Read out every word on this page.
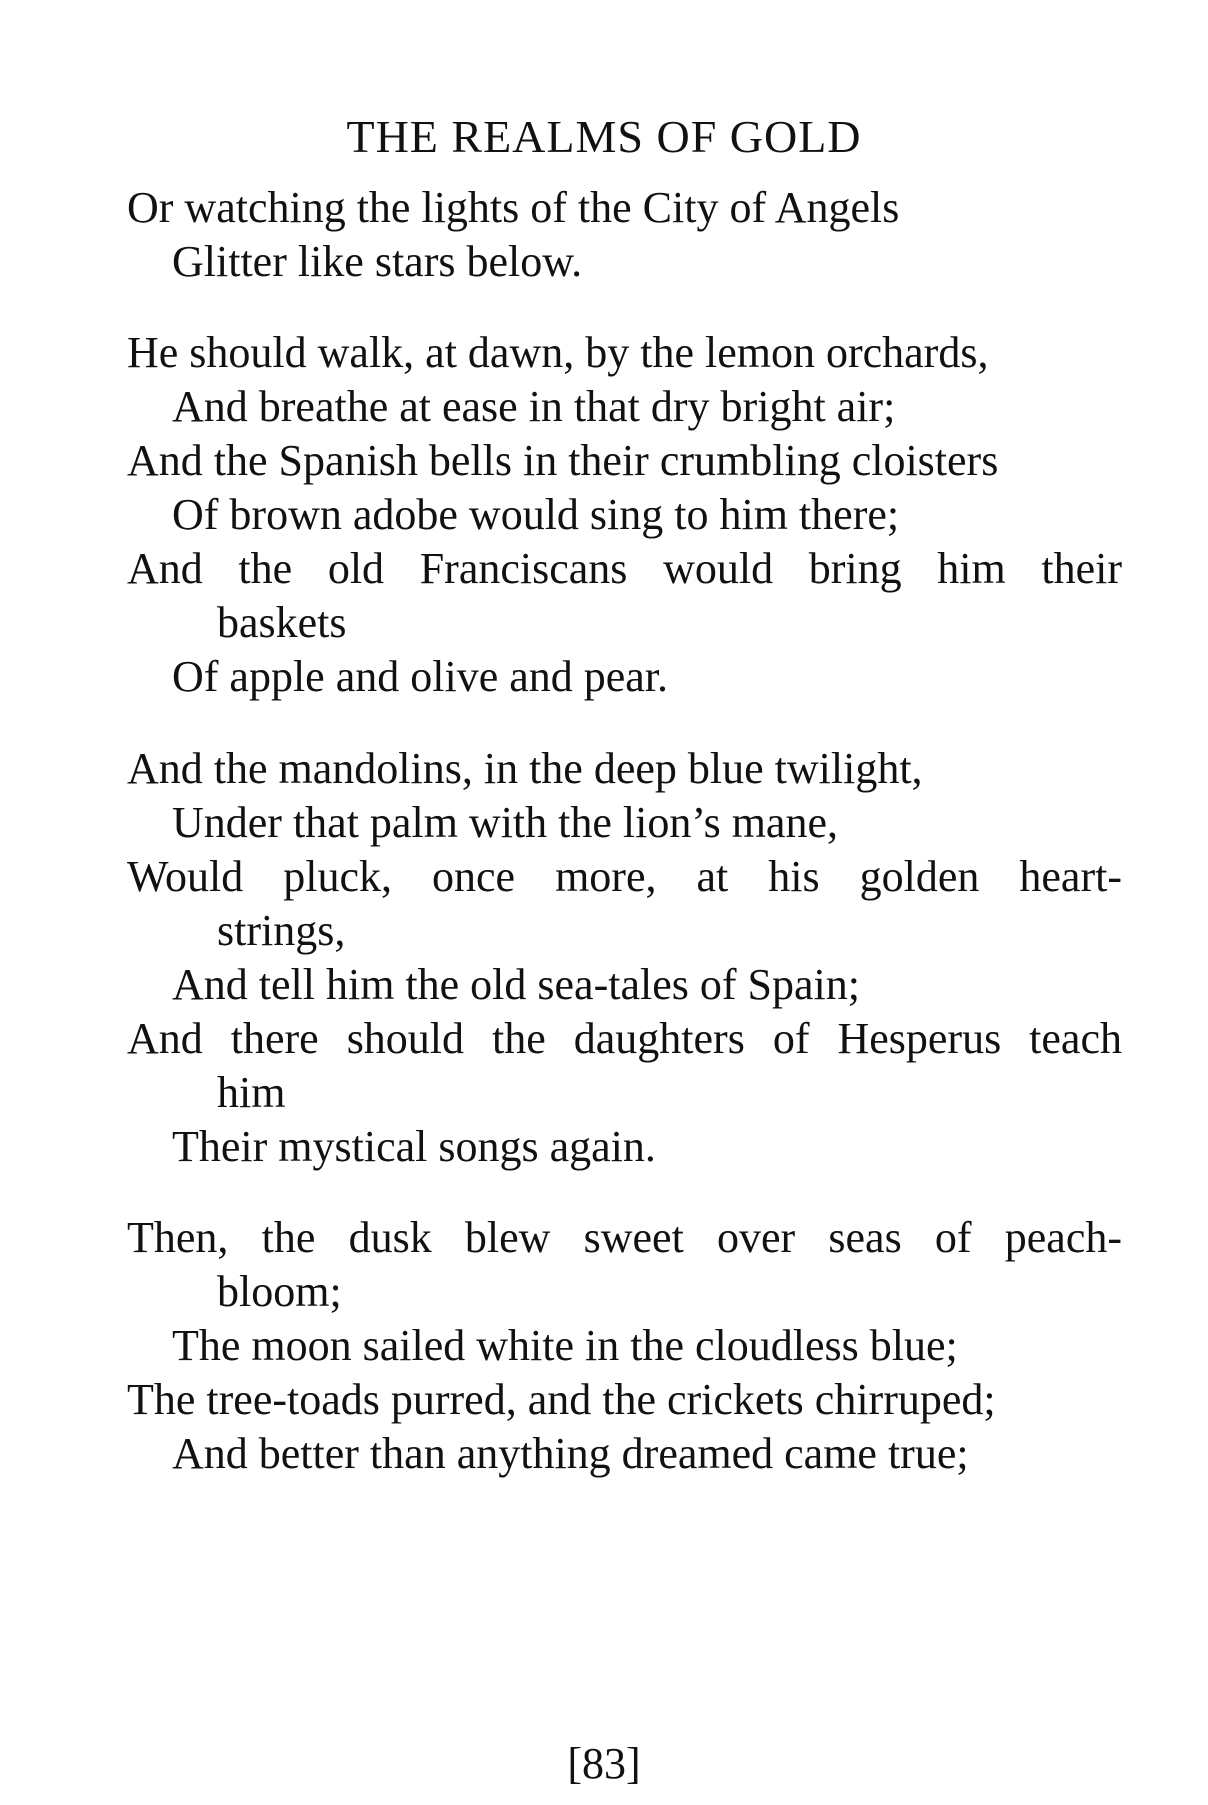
THE REALMS OF GOLD
Or watching the lights of the City of Angels
Glitter like stars below.
He should walk, at dawn, by the lemon orchards,
And breathe at ease in that dry bright air;
And the Spanish bells in their crumbling cloisters
Of brown adobe would sing to him there;
And the old Franciscans would bring him their
baskets
Of apple and olive and pear.
And the mandolins, in the deep blue twilight,
Under that palm with the lion’s mane,
Would pluck, once more, at his golden heart-
strings,
And tell him the old sea-tales of Spain;
And there should the daughters of Hesperus teach
him
Their mystical songs again.
Then, the dusk blew sweet over seas of peach-
bloom;
The moon sailed white in the cloudless blue;
The tree-toads purred, and the crickets chirruped;
And better than anything dreamed came true;
[83]
